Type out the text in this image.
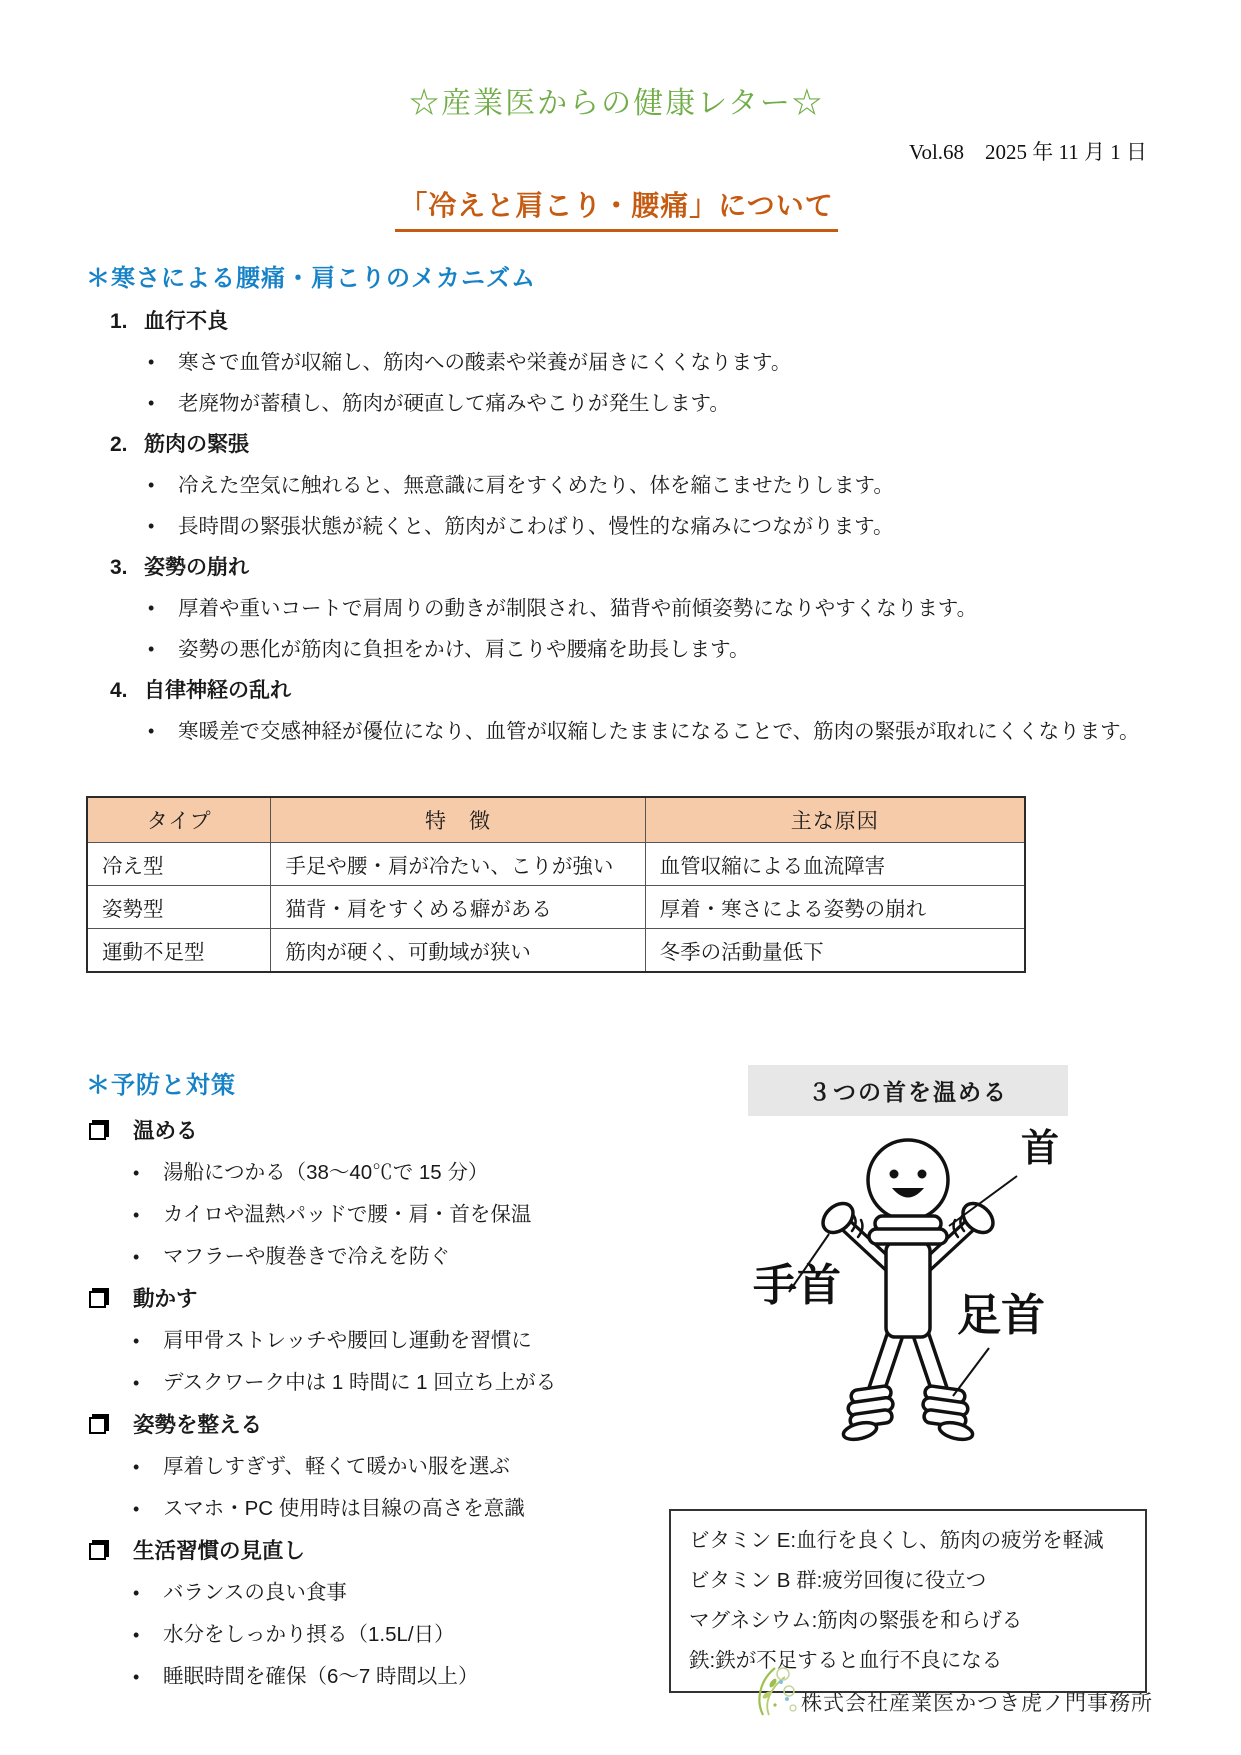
☆産業医からの健康レター☆
Vol.68　2025 年 11 月 1 日
「冷えと肩こり・腰痛」について
＊寒さによる腰痛・肩こりのメカニズム
1. 血行不良
•	寒さで血管が収縮し、筋肉への酸素や栄養が届きにくくなります。
•	老廃物が蓄積し、筋肉が硬直して痛みやこりが発生します。
2. 筋肉の緊張
•	冷えた空気に触れると、無意識に肩をすくめたり、体を縮こませたりします。
•	長時間の緊張状態が続くと、筋肉がこわばり、慢性的な痛みにつながります。
3. 姿勢の崩れ
•	厚着や重いコートで肩周りの動きが制限され、猫背や前傾姿勢になりやすくなります。
•	姿勢の悪化が筋肉に負担をかけ、肩こりや腰痛を助長します。
4. 自律神経の乱れ
•	寒暖差で交感神経が優位になり、血管が収縮したままになることで、筋肉の緊張が取れにくくなります。
タイプ	特　徴	主な原因
冷え型	手足や腰・肩が冷たい、こりが強い	血管収縮による血流障害
姿勢型	猫背・肩をすくめる癖がある	厚着・寒さによる姿勢の崩れ
運動不足型	筋肉が硬く、可動域が狭い	冬季の活動量低下
＊予防と対策
温める
•	湯船につかる（38～40℃で 15 分）
•	カイロや温熱パッドで腰・肩・首を保温
•	マフラーや腹巻きで冷えを防ぐ
動かす
•	肩甲骨ストレッチや腰回し運動を習慣に
•	デスクワーク中は 1 時間に 1 回立ち上がる
姿勢を整える
•	厚着しすぎず、軽くて暖かい服を選ぶ
•	スマホ・PC 使用時は目線の高さを意識
生活習慣の見直し
•	バランスの良い食事
•	水分をしっかり摂る（1.5L/日）
•	睡眠時間を確保（6～7 時間以上）
３つの首を温める
首
手首
足首
ビタミン E:血行を良くし、筋肉の疲労を軽減
ビタミン B 群:疲労回復に役立つ
マグネシウム:筋肉の緊張を和らげる
鉄:鉄が不足すると血行不良になる
株式会社産業医かつき虎ノ門事務所
